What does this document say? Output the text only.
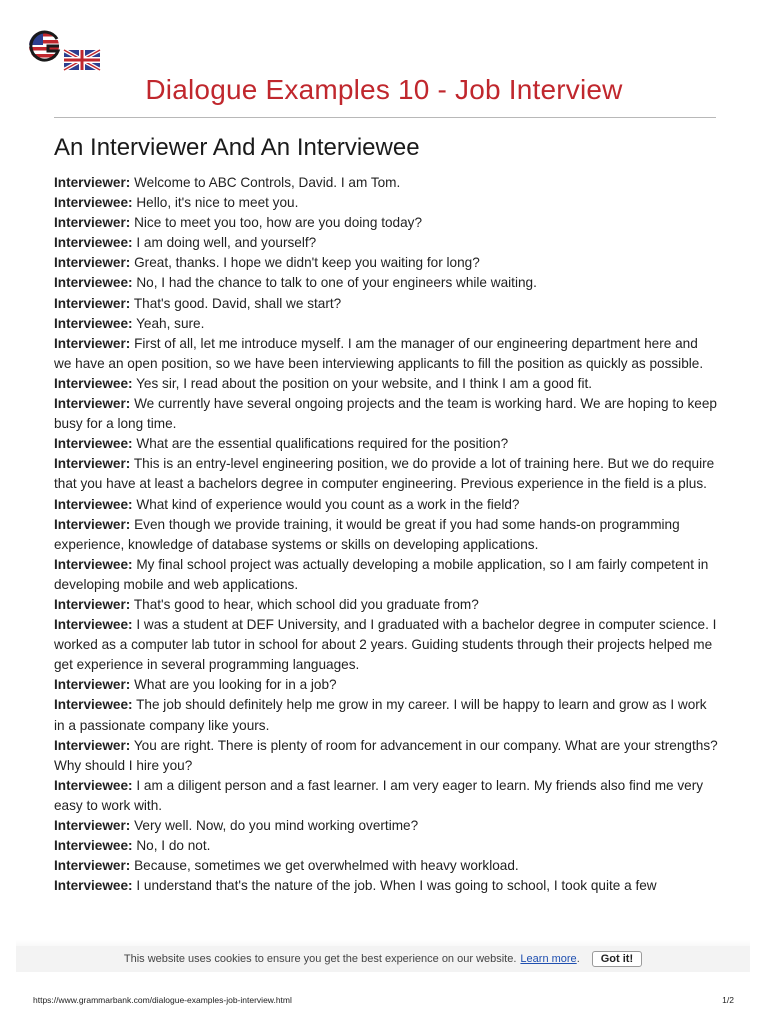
Dialogue Examples 10 - Job Interview
An Interviewer And An Interviewee

Interviewer: Welcome to ABC Controls, David. I am Tom.

Interviewee: Hello, it's nice to meet you.

Interviewer: Nice to meet you too, how are you doing today?

Interviewee: I am doing well, and yourself?

Interviewer: Great, thanks. I hope we didn't keep you waiting for long?

Interviewee: No, I had the chance to talk to one of your engineers while waiting.

Interviewer: That's good. David, shall we start?

Interviewee: Yeah, sure.

Interviewer: First of all, let me introduce myself. I am the manager of our engineering department here and we have an open position, so we have been interviewing applicants to fill the position as quickly as possible.

Interviewee: Yes sir, I read about the position on your website, and I think I am a good fit.

Interviewer: We currently have several ongoing projects and the team is working hard. We are hoping to keep busy for a long time.

Interviewee: What are the essential qualifications required for the position?

Interviewer: This is an entry-level engineering position, we do provide a lot of training here. But we do require that you have at least a bachelors degree in computer engineering. Previous experience in the field is a plus.

Interviewee: What kind of experience would you count as a work in the field?

Interviewer: Even though we provide training, it would be great if you had some hands-on programming experience, knowledge of database systems or skills on developing applications.

Interviewee: My final school project was actually developing a mobile application, so I am fairly competent in developing mobile and web applications.

Interviewer: That's good to hear, which school did you graduate from?

Interviewee: I was a student at DEF University, and I graduated with a bachelor degree in computer science. I worked as a computer lab tutor in school for about 2 years. Guiding students through their projects helped me get experience in several programming languages.

Interviewer: What are you looking for in a job?

Interviewee: The job should definitely help me grow in my career. I will be happy to learn and grow as I work in a passionate company like yours.

Interviewer: You are right. There is plenty of room for advancement in our company. What are your strengths? Why should I hire you?

Interviewee: I am a diligent person and a fast learner. I am very eager to learn. My friends also find me very easy to work with.

Interviewer: Very well. Now, do you mind working overtime?

Interviewee: No, I do not.

Interviewer: Because, sometimes we get overwhelmed with heavy workload.

Interviewee: I understand that's the nature of the job. When I was going to school, I took quite a few

This website uses cookies to ensure you get the best experience on our website. Learn more .	Got it!
https://www.grammarbank.com/dialogue-examples-job-interview.html	1/2
